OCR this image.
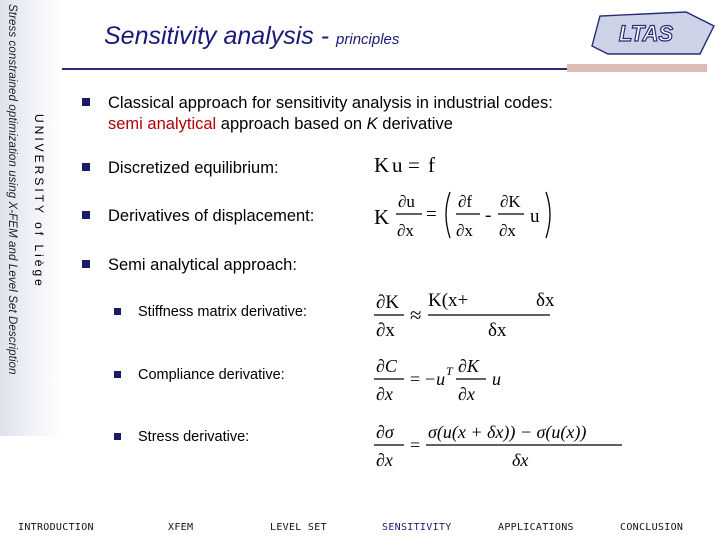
Stress constrained optimization using X-FEM and Level Set Description UNIVERSITY of Liège
Sensitivity analysis - principles	LTAS
Classical approach for sensitivity analysis in industrial codes:
semi analytical approach based on K derivative
Discretized equilibrium:
Derivatives of displacement:
Semi analytical approach:
Stiffness matrix derivative:
Compliance derivative:
Stress derivative:
K u = f
K
∂u
∂x
=
∂f
∂x
-
∂K
∂x
u
∂K
∂x
≈
K(x+	δx
δx
∂C
∂x
= −u T ∂K
∂x
u
∂σ
∂x
=
σ(u(x + δx)) − σ(u(x))
δx
INTRODUCTION	XFEM	LEVEL SET	SENSITIVITY	APPLICATIONS	CONCLUSION
